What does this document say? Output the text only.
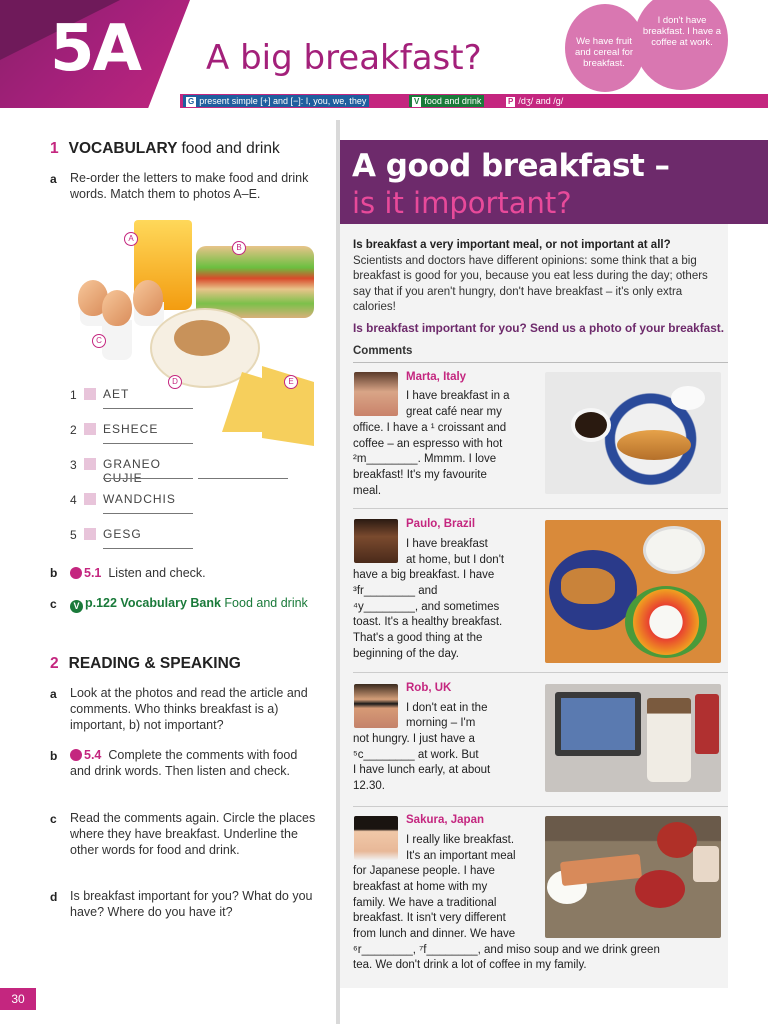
5A A big breakfast?	We have fruit and cereal for breakfast.
I don't have breakfast. I have a coffee at work.
G present simple [+] and [−]: I, you, we, they	V food and drink	P /dʒ/ and /g/
1 VOCABULARY food and drink
a Re-order the letters to make food and drink words. Match them to photos A–E.
A
B
C
D	E
1 AET
2 ESHECE
3 GRANEO CUJIE
4 WANDCHIS
5 GESG
b	5.1 Listen and check.
c	V p.122 Vocabulary Bank Food and drink
2 READING & SPEAKING
a Look at the photos and read the article and comments. Who thinks breakfast is a) important, b) not important?
b	5.4 Complete the comments with food and drink words. Then listen and check.
c Read the comments again. Circle the places where they have breakfast. Underline the other words for food and drink.
d Is breakfast important for you? What do you have? Where do you have it?
A good breakfast –
is it important?
Is breakfast a very important meal, or not important at all? Scientists and doctors have different opinions: some think that a big breakfast is good for you, because you eat less during the day; others say that if you aren't hungry, don't have breakfast – it's only extra calories!
Is breakfast important for you? Send us a photo of your breakfast.
Comments
Marta, Italy
I have breakfast in a
great café near my
office. I have a ¹ croissant and
coffee – an espresso with hot
²m________. Mmmm. I love
breakfast! It's my favourite
meal.
Paulo, Brazil
I have breakfast
at home, but I don't
have a big breakfast. I have
³fr________ and
⁴y________, and sometimes
toast. It's a healthy breakfast.
That's a good thing at the
beginning of the day.
Rob, UK
I don't eat in the
morning – I'm
not hungry. I just have a
⁵c________ at work. But
I have lunch early, at about
12.30.
Sakura, Japan
I really like breakfast.
It's an important meal
for Japanese people. I have
breakfast at home with my
family. We have a traditional
breakfast. It isn't very different
from lunch and dinner. We have
⁶r________, ⁷f________, and miso soup and we drink green
tea. We don't drink a lot of coffee in my family.
30
